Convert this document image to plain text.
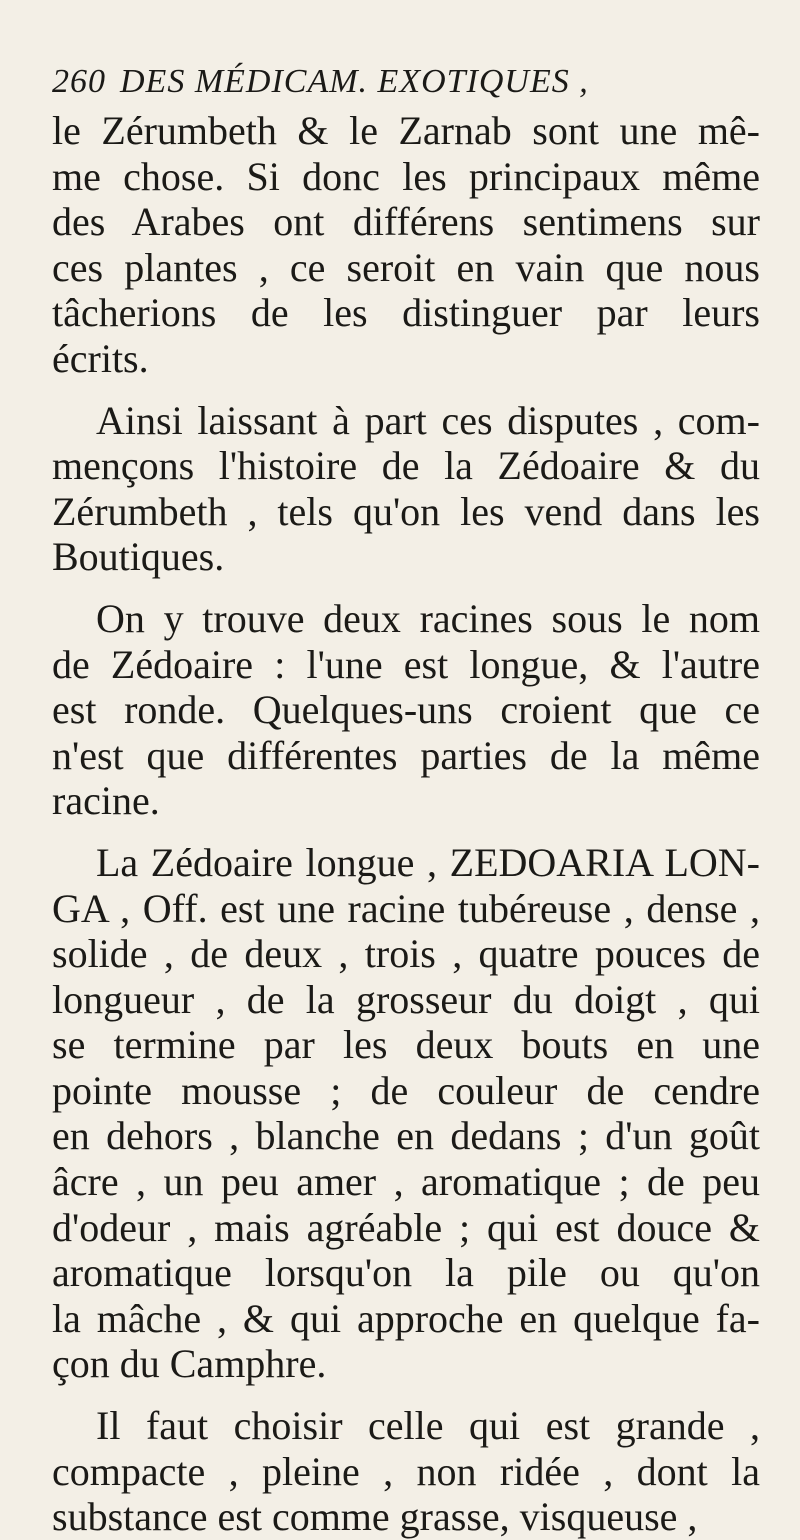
260 DES MÉDICAM. EXOTIQUES ,
le Zérumbeth & le Zarnab sont une mê-
me chose. Si donc les principaux même
des Arabes ont différens sentimens sur
ces plantes , ce seroit en vain que nous
tâcherions de les distinguer par leurs
écrits.
Ainsi laissant à part ces disputes , com-
mençons l'histoire de la Zédoaire & du
Zérumbeth , tels qu'on les vend dans les
Boutiques.
On y trouve deux racines sous le nom
de Zédoaire : l'une est longue, & l'autre
est ronde. Quelques-uns croient que ce
n'est que différentes parties de la même
racine.
La Zédoaire longue , ZEDOARIA LON-
GA , Off. est une racine tubéreuse , dense ,
solide , de deux , trois , quatre pouces de
longueur , de la grosseur du doigt , qui
se termine par les deux bouts en une
pointe mousse ; de couleur de cendre
en dehors , blanche en dedans ; d'un goût
âcre , un peu amer , aromatique ; de peu
d'odeur , mais agréable ; qui est douce &
aromatique lorsqu'on la pile ou qu'on
la mâche , & qui approche en quelque fa-
çon du Camphre.
Il faut choisir celle qui est grande ,
compacte , pleine , non ridée , dont la
substance est comme grasse, visqueuse ,
